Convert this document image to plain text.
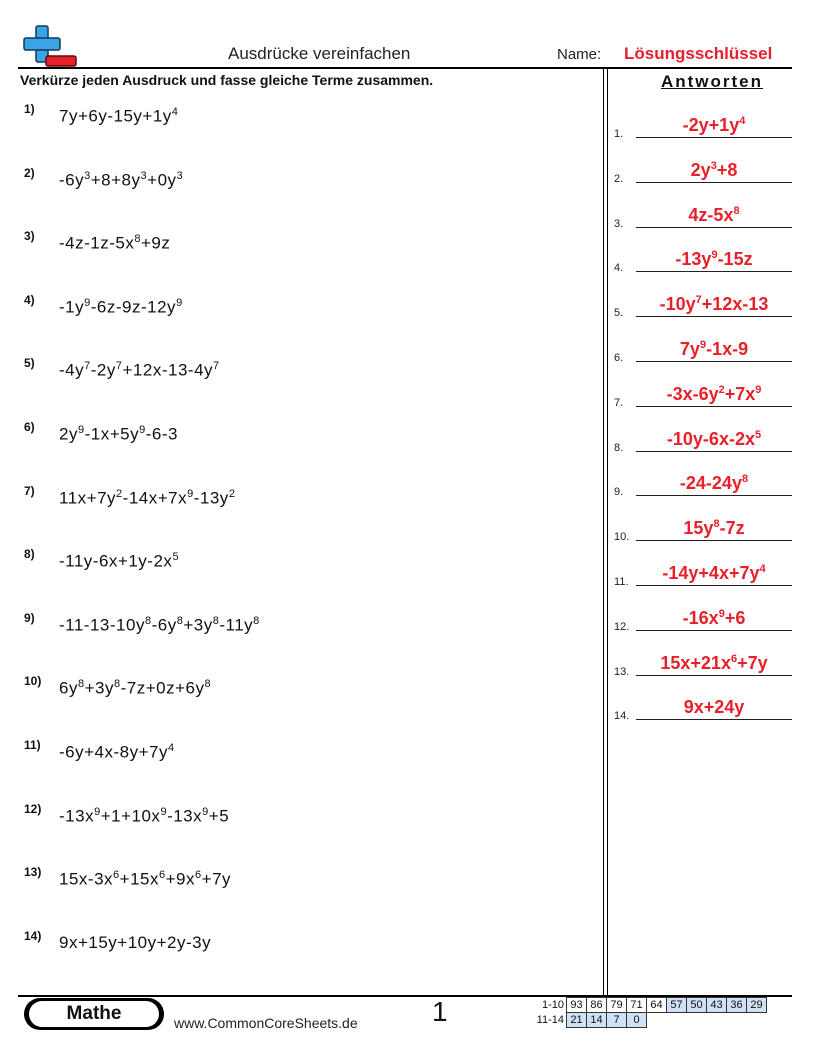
Ausdrücke vereinfachen	Name: Lösungsschlüssel
Verkürze jeden Ausdruck und fasse gleiche Terme zusammen.	Antworten
1)	$7y+6y-15y+1y^4$
2)	$-6y^3+8+8y^3+0y^3$
3)	$-4z-1z-5x^8+9z$
4)	$-1y^9-6z-9z-12y^9$
5)	$-4y^7-2y^7+12x-13-4y^7$
6)	$2y^9-1x+5y^9-6-3$
7)	$11x+7y^2-14x+7x^9-13y^2$
8)	$-11y-6x+1y-2x^5$
9)	$-11-13-10y^8-6y^8+3y^8-11y^8$
10)	$6y^8+3y^8-7z+0z+6y^8$
11)	$-6y+4x-8y+7y^4$
12)	$-13x^9+1+10x^9-13x^9+5$
13)	$15x-3x^6+15x^6+9x^6+7y$
14)	9x+15y+10y+2y-3y
1.	$-2y+1y^4$
2.	$2y^3+8$
3.	$4z-5x^8$
4.	$-13y^9-15z$
5.	$-10y^7+12x-13$
6.	$7y^9-1x-9$
7.	$-3x-6y^2+7x^9$
8.	$-10y-6x-2x^5$
9.	$-24-24y^8$
10.	$15y^8-7z$
11.	$-14y+4x+7y^4$
12.	$-16x^9+6$
13.	$15x+21x^6+7y$
14.	9x+24y
Mathe	www.CommonCoreSheets.de	1	1-10	93	86	79	71	64	57	50	43	36	29
11-14	21	14	7	0						
